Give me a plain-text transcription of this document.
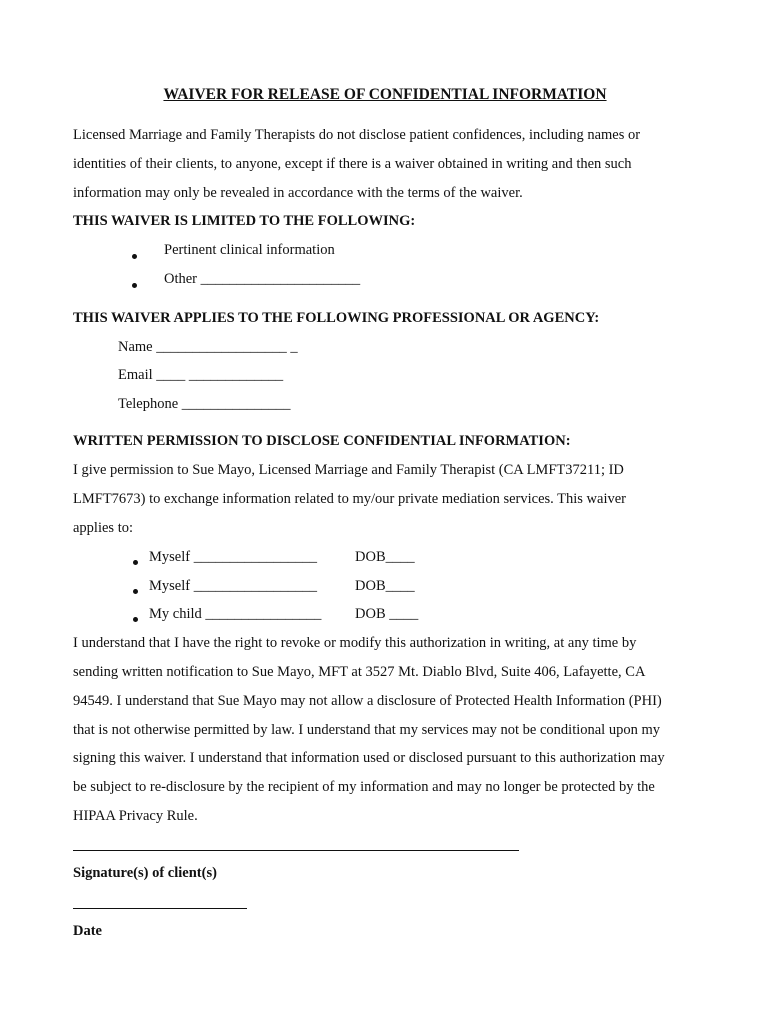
WAIVER FOR RELEASE OF CONFIDENTIAL INFORMATION
Licensed Marriage and Family Therapists do not disclose patient confidences, including names or
identities of their clients, to anyone, except if there is a waiver obtained in writing and then such
information may only be revealed in accordance with the terms of the waiver.
THIS WAIVER IS LIMITED TO THE FOLLOWING:
Pertinent clinical information
Other ______________________
THIS WAIVER APPLIES TO THE FOLLOWING PROFESSIONAL OR AGENCY:
Name __________________ _
Email ____ _____________
Telephone _______________
WRITTEN PERMISSION TO DISCLOSE CONFIDENTIAL INFORMATION:
I give permission to Sue Mayo, Licensed Marriage and Family Therapist (CA LMFT37211; ID
LMFT7673) to exchange information related to my/our private mediation services. This waiver
applies to:
Myself _________________	DOB____
Myself _________________	DOB____
My child ________________ DOB ____
I understand that I have the right to revoke or modify this authorization in writing, at any time by
sending written notification to Sue Mayo, MFT at 3527 Mt. Diablo Blvd, Suite 406, Lafayette, CA
94549. I understand that Sue Mayo may not allow a disclosure of Protected Health Information (PHI)
that is not otherwise permitted by law. I understand that my services may not be conditional upon my
signing this waiver. I understand that information used or disclosed pursuant to this authorization may
be subject to re-disclosure by the recipient of my information and may no longer be protected by the
HIPAA Privacy Rule.
Signature(s) of client(s)
Date
